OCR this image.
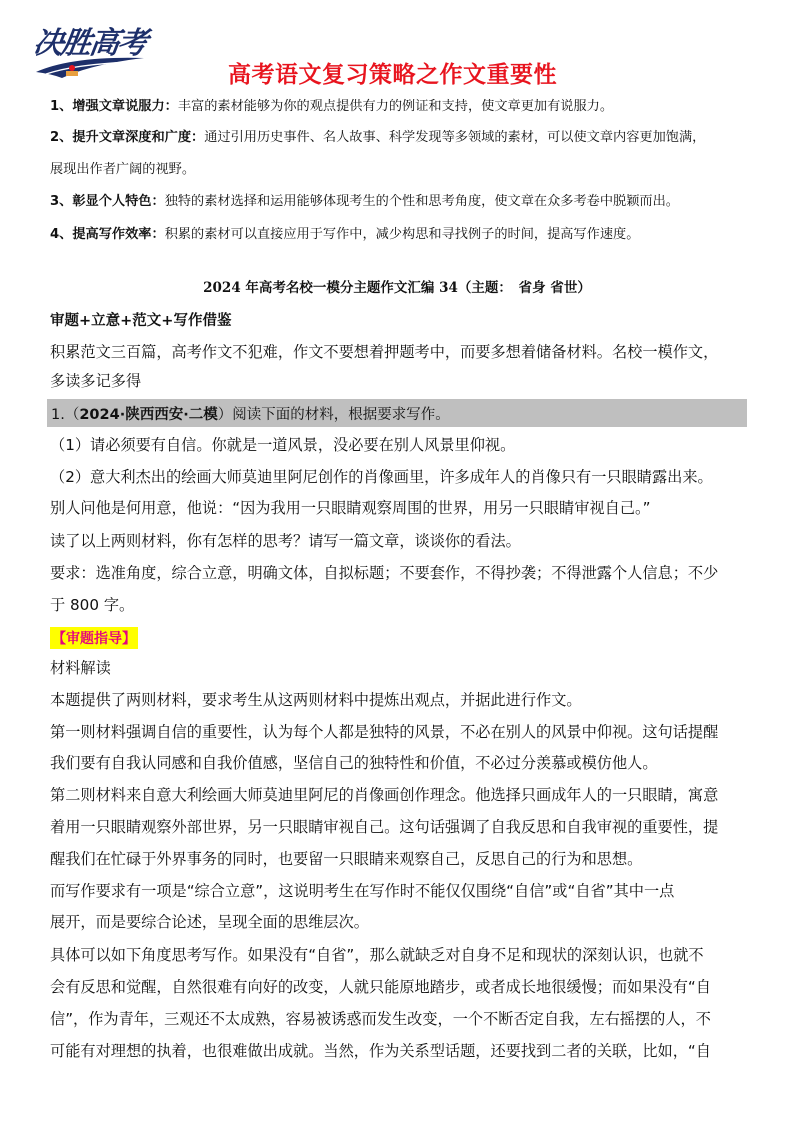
决胜高考
高考语文复习策略之作文重要性
1、增强文章说服力：丰富的素材能够为你的观点提供有力的例证和支持，使文章更加有说服力。
2、提升文章深度和广度：通过引用历史事件、名人故事、科学发现等多领域的素材，可以使文章内容更加饱满，
展现出作者广阔的视野。
3、彰显个人特色：独特的素材选择和运用能够体现考生的个性和思考角度，使文章在众多考卷中脱颖而出。
4、提高写作效率：积累的素材可以直接应用于写作中，减少构思和寻找例子的时间，提高写作速度。
2024 年高考名校一模分主题作文汇编 34（主题：　省身 省世）
审题+立意+范文+写作借鉴
积累范文三百篇，高考作文不犯难，作文不要想着押题考中，而要多想着储备材料。名校一模作文，
多读多记多得
1.（2024·陕西西安·二模）阅读下面的材料，根据要求写作。
（1）请必须要有自信。你就是一道风景，没必要在别人风景里仰视。
（2）意大利杰出的绘画大师莫迪里阿尼创作的肖像画里，许多成年人的肖像只有一只眼睛露出来。
别人问他是何用意，他说：“因为我用一只眼睛观察周围的世界，用另一只眼睛审视自己。”
读了以上两则材料，你有怎样的思考？请写一篇文章，谈谈你的看法。
要求：选准角度，综合立意，明确文体，自拟标题；不要套作，不得抄袭；不得泄露个人信息；不少
于 800 字。
【审题指导】
材料解读
本题提供了两则材料，要求考生从这两则材料中提炼出观点，并据此进行作文。
第一则材料强调自信的重要性，认为每个人都是独特的风景，不必在别人的风景中仰视。这句话提醒
我们要有自我认同感和自我价值感，坚信自己的独特性和价值，不必过分羡慕或模仿他人。
第二则材料来自意大利绘画大师莫迪里阿尼的肖像画创作理念。他选择只画成年人的一只眼睛，寓意
着用一只眼睛观察外部世界，另一只眼睛审视自己。这句话强调了自我反思和自我审视的重要性，提
醒我们在忙碌于外界事务的同时，也要留一只眼睛来观察自己，反思自己的行为和思想。
而写作要求有一项是“综合立意”，这说明考生在写作时不能仅仅围绕“自信”或“自省”其中一点
展开，而是要综合论述，呈现全面的思维层次。
具体可以如下角度思考写作。如果没有“自省”，那么就缺乏对自身不足和现状的深刻认识，也就不
会有反思和觉醒，自然很难有向好的改变，人就只能原地踏步，或者成长地很缓慢；而如果没有“自
信”，作为青年，三观还不太成熟，容易被诱惑而发生改变，一个不断否定自我，左右摇摆的人，不
可能有对理想的执着，也很难做出成就。当然，作为关系型话题，还要找到二者的关联，比如，“自
